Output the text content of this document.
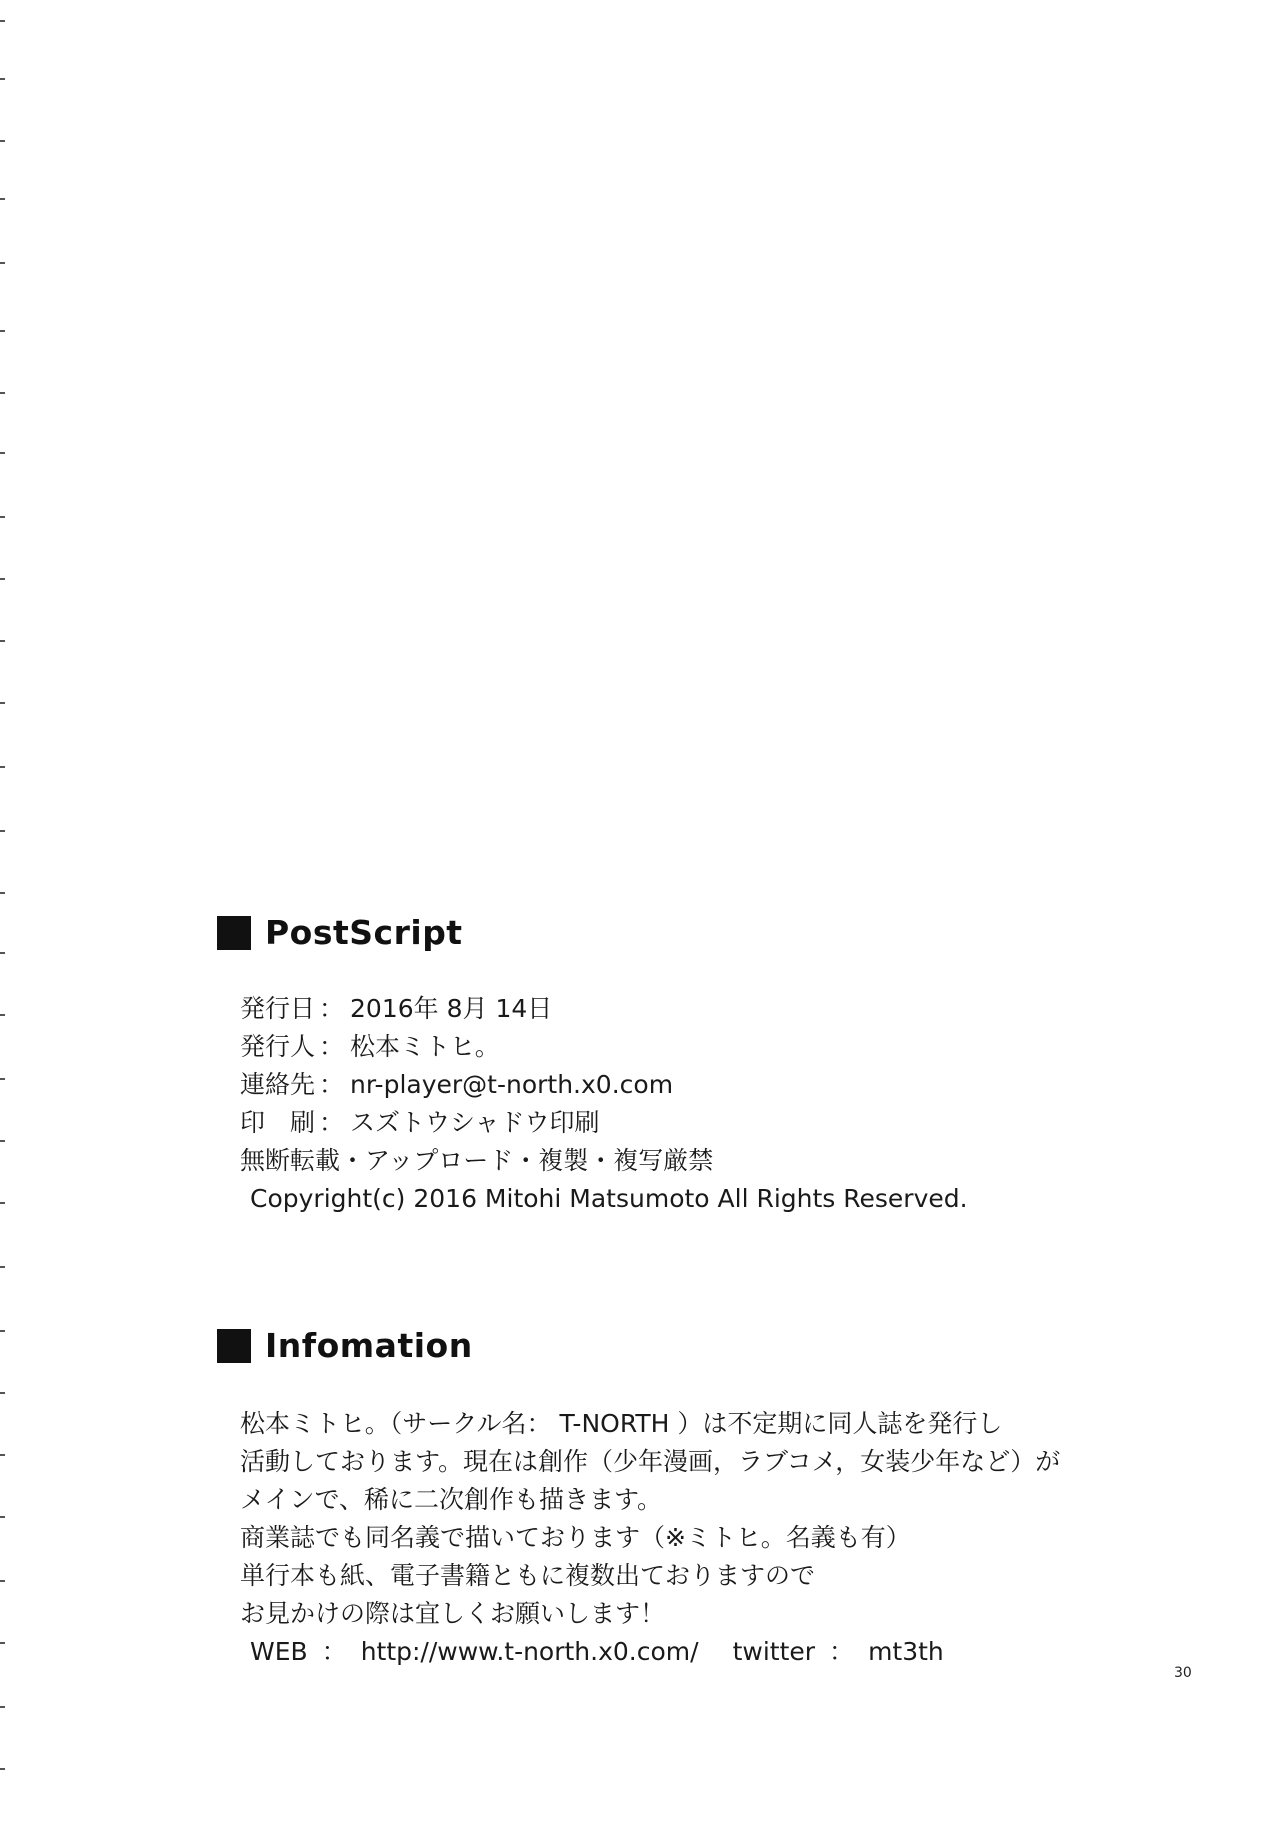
PostScript
発行日 ： 2016年 8月 14日
発行人 ： 松本ミトヒ。
連絡先 ： nr-player@t-north.x0.com
印　刷 ： スズトウシャドウ印刷
無断転載・アップロード・複製・複写厳禁
Copyright(c) 2016 Mitohi Matsumoto All Rights Reserved.
Infomation
松本ミトヒ。（サークル名： T-NORTH ）は不定期に同人誌を発行し
活動しております。現在は創作（少年漫画，ラブコメ，女装少年など）が
メインで、稀に二次創作も描きます。
商業誌でも同名義で描いております（※ミトヒ。名義も有）
単行本も紙、電子書籍ともに複数出ておりますので
お見かけの際は宜しくお願いします！
WEB ： http://www.t-north.x0.com/ twitter ： mt3th
30
